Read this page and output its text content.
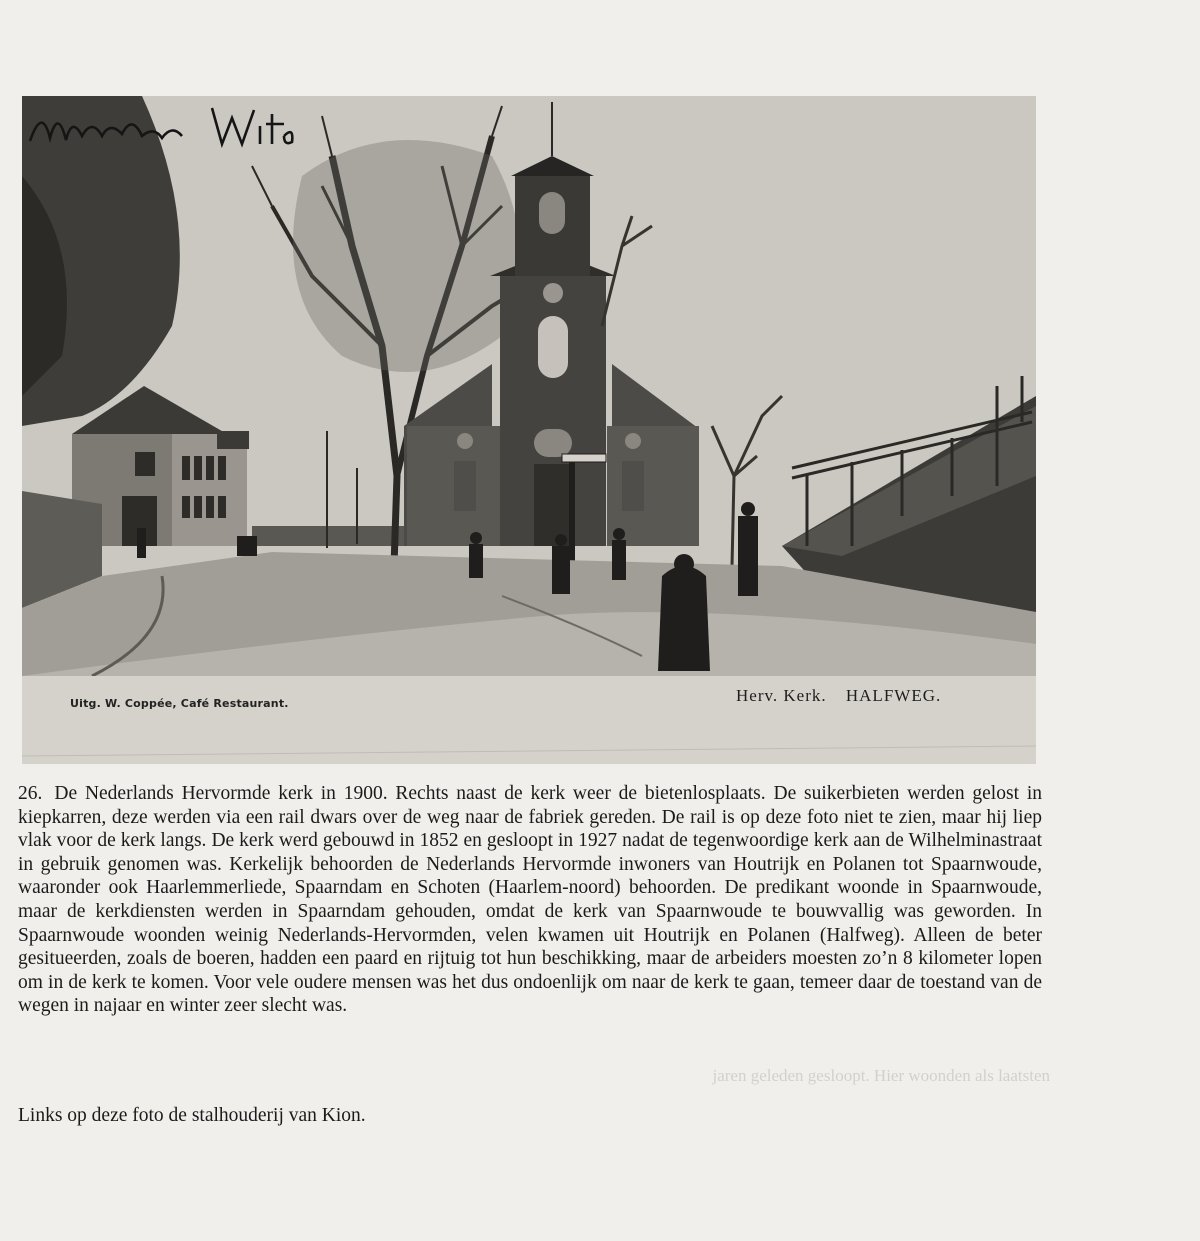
Uitg. W. Coppée, Café Restaurant.	Herv. Kerk. HALFWEG.

26. De Nederlands Hervormde kerk in 1900. Rechts naast de kerk weer de bietenlosplaats. De suikerbieten werden gelost in kiepkarren, deze werden via een rail dwars over de weg naar de fabriek gereden. De rail is op deze foto niet te zien, maar hij liep vlak voor de kerk langs. De kerk werd gebouwd in 1852 en gesloopt in 1927 nadat de tegenwoordige kerk aan de Wilhelminastraat in gebruik genomen was. Kerkelijk behoorden de Nederlands Hervormde inwoners van Houtrijk en Polanen tot Spaarnwoude, waaronder ook Haarlemmerliede, Spaarndam en Schoten (Haarlem-noord) behoorden. De predikant woonde in Spaarnwoude, maar de kerkdiensten werden in Spaarndam gehouden, omdat de kerk van Spaarnwoude te bouwvallig was geworden. In Spaarnwoude woonden weinig Nederlands-Hervormden, velen kwamen uit Houtrijk en Polanen (Halfweg). Alleen de beter gesitueerden, zoals de boeren, hadden een paard en rijtuig tot hun beschikking, maar de arbeiders moesten zo’n 8 kilometer lopen om in de kerk te komen. Voor vele oudere mensen was het dus ondoenlijk om naar de kerk te gaan, temeer daar de toestand van de wegen in najaar en winter zeer slecht was.

Links op deze foto de stalhouderij van Kion.

jaren geleden gesloopt. Hier woonden als laatsten
